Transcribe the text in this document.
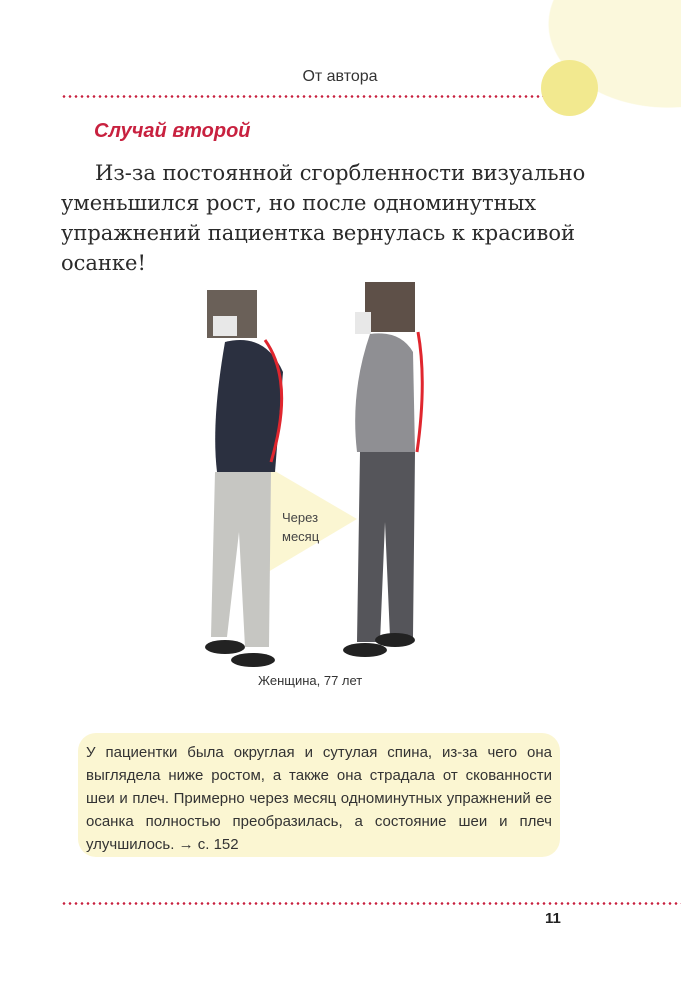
От автора
Случай второй

Из-за постоянной сгорбленности визуально уменьшился рост, но после одноминутных упражнений пациентка вернулась к красивой осанке!

Через
месяц
Женщина, 77 лет
У пациентки была округлая и сутулая спина, из-за чего она выглядела ниже ростом, а также она страдала от скованности шеи и плеч. Примерно через месяц одноминутных упражнений ее осанка полностью преобразилась, а состояние шеи и плеч улучшилось. → с. 152
11
